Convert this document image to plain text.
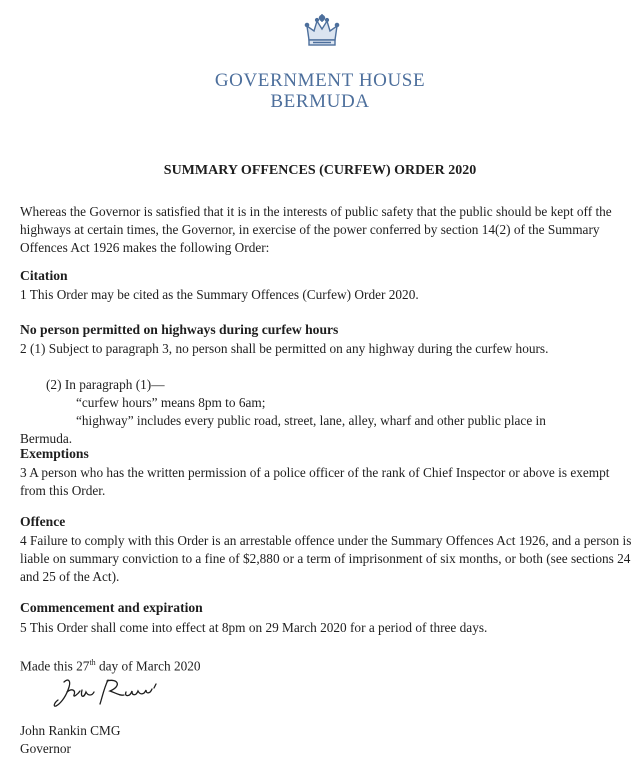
GOVERNMENT HOUSE
BERMUDA
SUMMARY OFFENCES (CURFEW) ORDER 2020
Whereas the Governor is satisfied that it is in the interests of public safety that the public should be kept off the highways at certain times, the Governor, in exercise of the power conferred by section 14(2) of the Summary Offences Act 1926 makes the following Order:
Citation
1 This Order may be cited as the Summary Offences (Curfew) Order 2020.
No person permitted on highways during curfew hours
2 (1) Subject to paragraph 3, no person shall be permitted on any highway during the curfew hours.
(2) In paragraph (1)—
“curfew hours” means 8pm to 6am;
“highway” includes every public road, street, lane, alley, wharf and other public place in
Bermuda.
Exemptions
3 A person who has the written permission of a police officer of the rank of Chief Inspector or above is exempt from this Order.
Offence
4 Failure to comply with this Order is an arrestable offence under the Summary Offences Act 1926, and a person is liable on summary conviction to a fine of $2,880 or a term of imprisonment of six months, or both (see sections 24 and 25 of the Act).
Commencement and expiration
5 This Order shall come into effect at 8pm on 29 March 2020 for a period of three days.
Made this 27th day of March 2020
John Rankin CMG
Governor
